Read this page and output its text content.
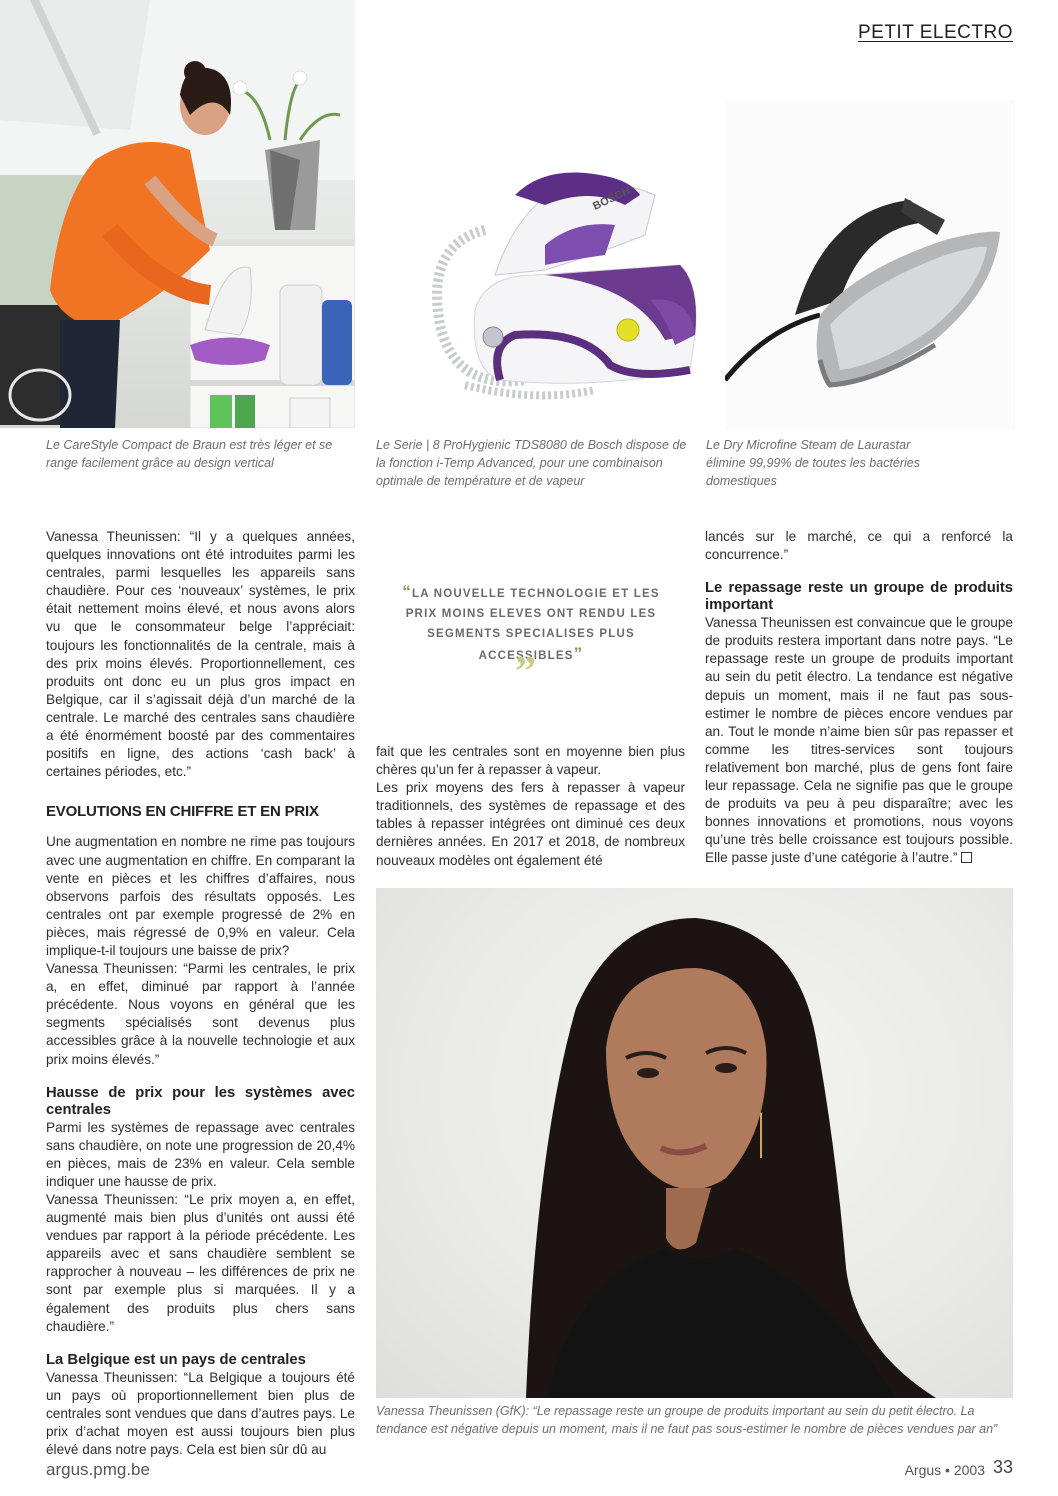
PETIT ELECTRO
BOSCH
Le CareStyle Compact de Braun est très léger et se range facilement grâce au design vertical
Le Serie | 8 ProHygienic TDS8080 de Bosch dispose de la fonction i-Temp Advanced, pour une combinaison optimale de température et de vapeur
Le Dry Microfine Steam de Laurastar élimine 99,99% de toutes les bactéries domestiques
Vanessa Theunissen (GfK): “Le repassage reste un groupe de produits important au sein du petit électro. La tendance est négative depuis un moment, mais il ne faut pas sous-estimer le nombre de pièces vendues par an”

Vanessa Theunissen: “Il y a quelques années, quelques innovations ont été introduites parmi les centrales, parmi lesquelles les appareils sans chaudière. Pour ces ‘nouveaux’ systèmes, le prix était nettement moins élevé, et nous avons alors vu que le consommateur belge l’appréciait: toujours les fonctionnalités de la centrale, mais à des prix moins élevés. Proportionnellement, ces produits ont donc eu un plus gros impact en Belgique, car il s’agissait déjà d’un marché de la centrale. Le marché des centrales sans chaudière a été énormément boosté par des commentaires positifs en ligne, des actions ‘cash back’ à certaines périodes, etc.”

EVOLUTIONS EN CHIFFRE ET EN PRIX

Une augmentation en nombre ne rime pas toujours avec une augmentation en chiffre. En comparant la vente en pièces et les chiffres d’affaires, nous observons parfois des résultats opposés. Les centrales ont par exemple progressé de 2% en pièces, mais régressé de 0,9% en valeur. Cela implique-t-il toujours une baisse de prix?

Vanessa Theunissen: “Parmi les centrales, le prix a, en effet, diminué par rapport à l’année précédente. Nous voyons en général que les segments spécialisés sont devenus plus accessibles grâce à la nouvelle technologie et aux prix moins élevés.”

Hausse de prix pour les systèmes avec centrales

Parmi les systèmes de repassage avec centrales sans chaudière, on note une progression de 20,4% en pièces, mais de 23% en valeur. Cela semble indiquer une hausse de prix.

Vanessa Theunissen: “Le prix moyen a, en effet, augmenté mais bien plus d’unités ont aussi été vendues par rapport à la période précédente. Les appareils avec et sans chaudière semblent se rapprocher à nouveau – les différences de prix ne sont par exemple plus si marquées. Il y a également des produits plus chers sans chaudière.”

La Belgique est un pays de centrales

Vanessa Theunissen: “La Belgique a toujours été un pays où proportionnellement bien plus de centrales sont vendues que dans d’autres pays. Le prix d’achat moyen est aussi toujours bien plus élevé dans notre pays. Cela est bien sûr dû au

“LA NOUVELLE TECHNOLOGIE ET LES PRIX MOINS ELEVES ONT RENDU LES SEGMENTS SPECIALISES PLUS ACCESSIBLES”
”

fait que les centrales sont en moyenne bien plus chères qu’un fer à repasser à vapeur.

Les prix moyens des fers à repasser à vapeur traditionnels, des systèmes de repassage et des tables à repasser intégrées ont diminué ces deux dernières années. En 2017 et 2018, de nombreux nouveaux modèles ont également été

lancés sur le marché, ce qui a renforcé la concurrence.”

Le repassage reste un groupe de produits important

Vanessa Theunissen est convaincue que le groupe de produits restera important dans notre pays. “Le repassage reste un groupe de produits important au sein du petit électro. La tendance est négative depuis un moment, mais il ne faut pas sous-estimer le nombre de pièces encore vendues par an. Tout le monde n’aime bien sûr pas repasser et comme les titres-services sont toujours relativement bon marché, plus de gens font faire leur repassage. Cela ne signifie pas que le groupe de produits va peu à peu disparaître; avec les bonnes innovations et promotions, nous voyons qu’une très belle croissance est toujours possible. Elle passe juste d’une catégorie à l’autre.”

argus.pmg.be	Argus • 2003 33
